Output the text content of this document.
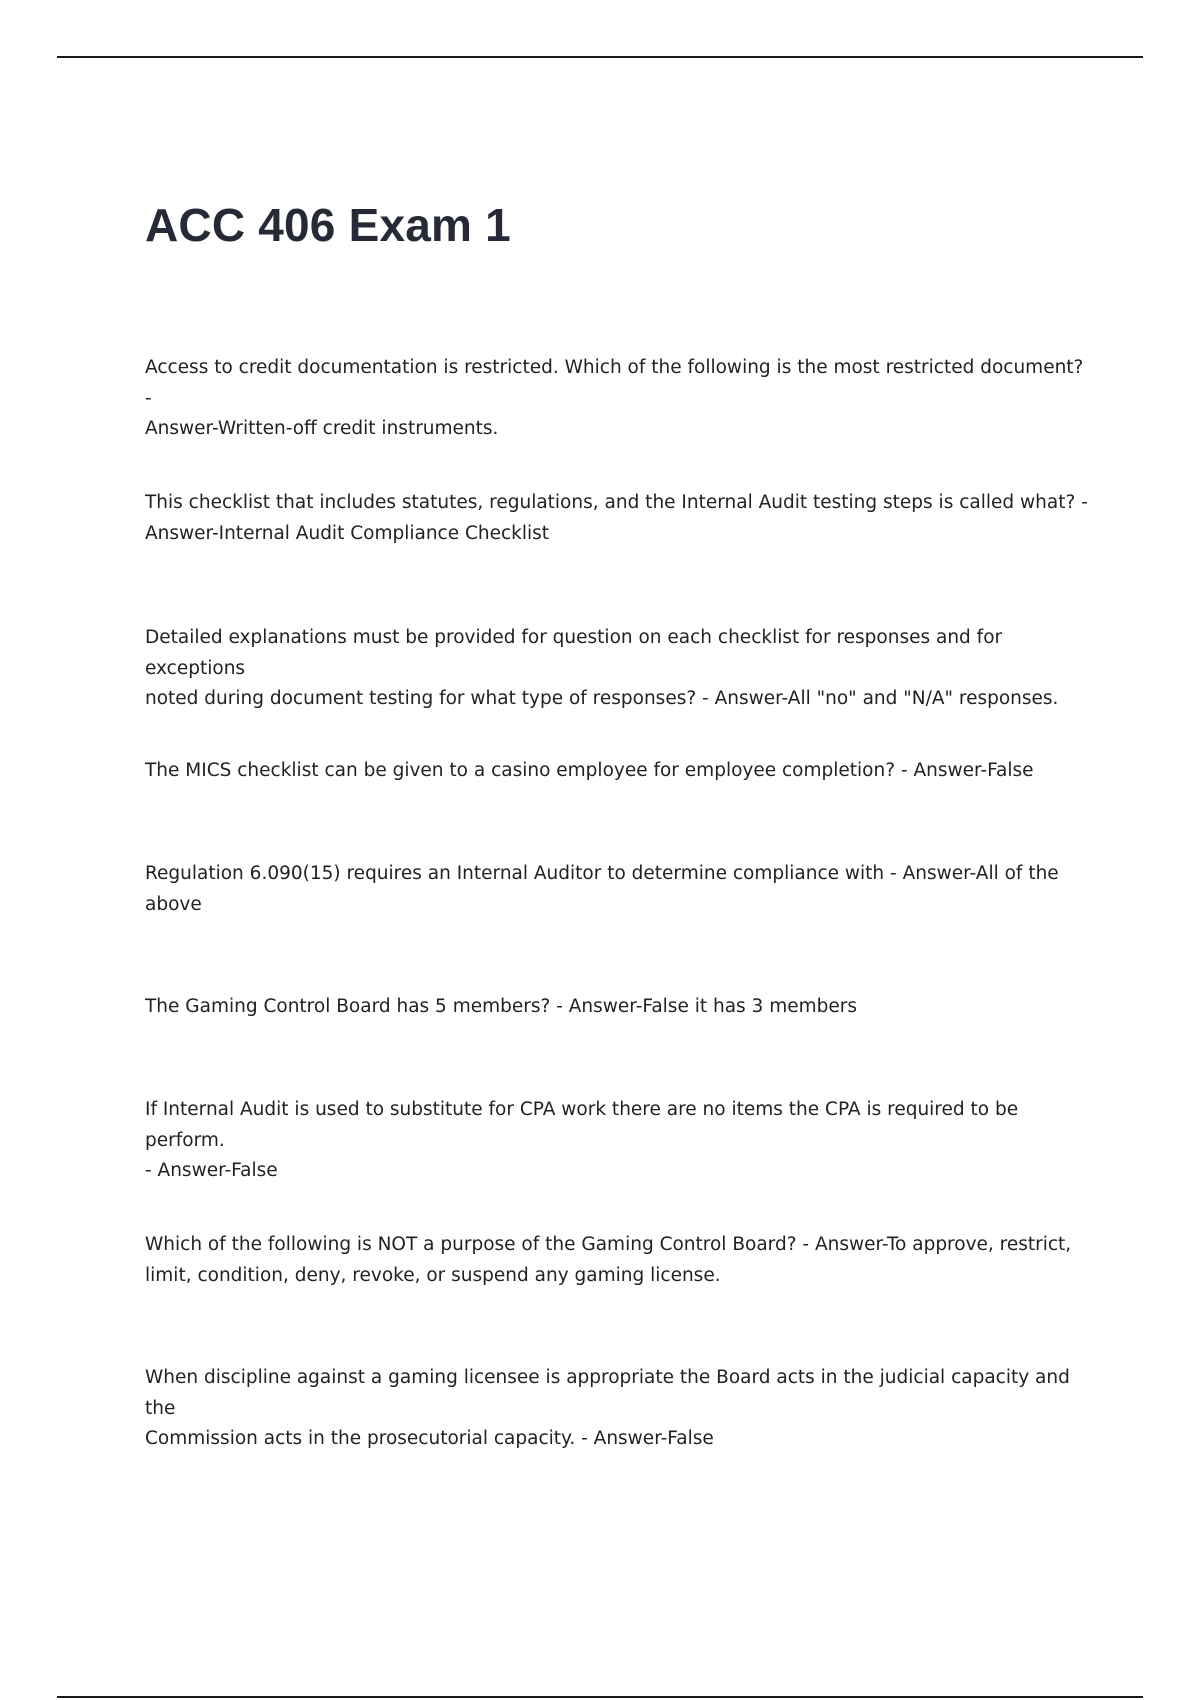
ACC 406 Exam 1
Access to credit documentation is restricted. Which of the following is the most restricted document? -
Answer-Written-off credit instruments.
This checklist that includes statutes, regulations, and the Internal Audit testing steps is called what? -
Answer-Internal Audit Compliance Checklist
Detailed explanations must be provided for question on each checklist for responses and for exceptions
noted during document testing for what type of responses? - Answer-All "no" and "N/A" responses.
The MICS checklist can be given to a casino employee for employee completion? - Answer-False
Regulation 6.090(15) requires an Internal Auditor to determine compliance with - Answer-All of the
above
The Gaming Control Board has 5 members? - Answer-False it has 3 members
If Internal Audit is used to substitute for CPA work there are no items the CPA is required to be perform.
- Answer-False
Which of the following is NOT a purpose of the Gaming Control Board? - Answer-To approve, restrict,
limit, condition, deny, revoke, or suspend any gaming license.
When discipline against a gaming licensee is appropriate the Board acts in the judicial capacity and the
Commission acts in the prosecutorial capacity. - Answer-False
